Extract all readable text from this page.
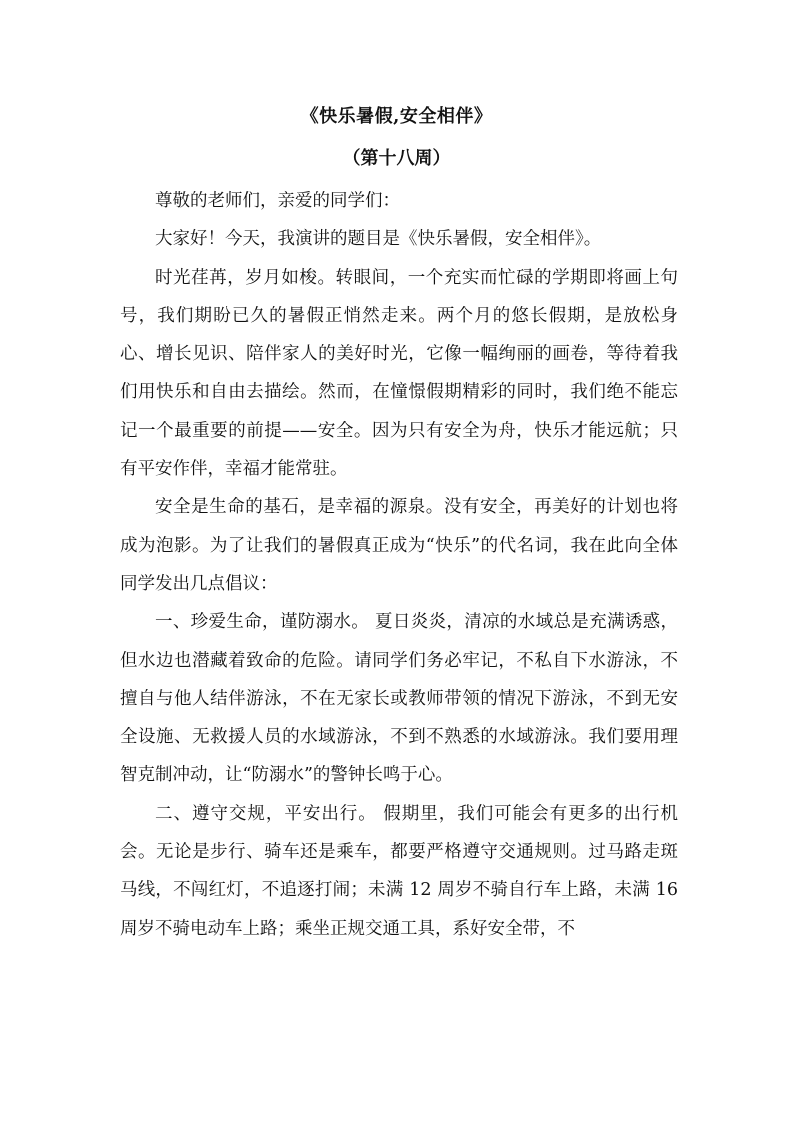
《快乐暑假,安全相伴》
（第十八周）

尊敬的老师们，亲爱的同学们：

大家好！今天，我演讲的题目是《快乐暑假，安全相伴》。

时光荏苒，岁月如梭。转眼间，一个充实而忙碌的学期即将画上句号，我们期盼已久的暑假正悄然走来。两个月的悠长假期，是放松身心、增长见识、陪伴家人的美好时光，它像一幅绚丽的画卷，等待着我们用快乐和自由去描绘。然而，在憧憬假期精彩的同时，我们绝不能忘记一个最重要的前提——安全。因为只有安全为舟，快乐才能远航；只有平安作伴，幸福才能常驻。

安全是生命的基石，是幸福的源泉。没有安全，再美好的计划也将成为泡影。为了让我们的暑假真正成为“快乐”的代名词，我在此向全体同学发出几点倡议：

一、珍爱生命，谨防溺水。 夏日炎炎，清凉的水域总是充满诱惑，但水边也潜藏着致命的危险。请同学们务必牢记，不私自下水游泳，不擅自与他人结伴游泳，不在无家长或教师带领的情况下游泳，不到无安全设施、无救援人员的水域游泳，不到不熟悉的水域游泳。我们要用理智克制冲动，让“防溺水”的警钟长鸣于心。

二、遵守交规，平安出行。 假期里，我们可能会有更多的出行机会。无论是步行、骑车还是乘车，都要严格遵守交通规则。过马路走斑马线，不闯红灯，不追逐打闹；未满 12 周岁不骑自行车上路，未满 16 周岁不骑电动车上路；乘坐正规交通工具，系好安全带，不
